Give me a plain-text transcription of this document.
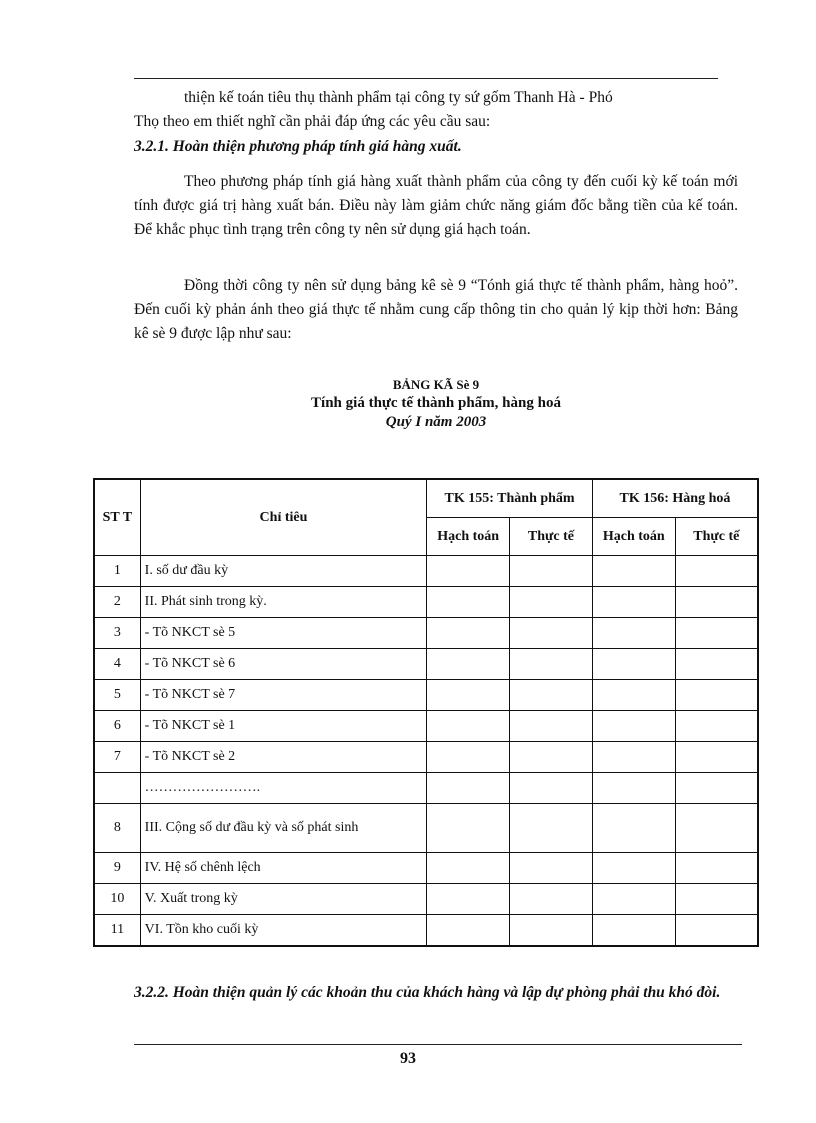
thiện kế toán tiêu thụ thành phẩm tại công ty sứ gốm Thanh Hà - Phó
Thọ theo em thiết nghĩ cần phải đáp ứng các yêu cầu sau:
3.2.1. Hoàn thiện phương pháp tính giá hàng xuất.
Theo phương pháp tính giá hàng xuất thành phẩm của công ty đến cuối kỳ kế toán mới tính được giá trị hàng xuất bán. Điều này làm giảm chức năng giám đốc bằng tiền của kế toán. Để khắc phục tình trạng trên công ty nên sử dụng giá hạch toán.
Đồng thời công ty nên sử dụng bảng kê sè 9 “Tónh giá thực tế thành phẩm, hàng hoỏ”. Đến cuối kỳ phản ánh theo giá thực tế nhằm cung cấp thông tin cho quản lý kịp thời hơn: Bảng kê sè 9 được lập như sau:
BẢNG KÃ Sè 9
Tính giá thực tế thành phẩm, hàng hoá
Quý I năm 2003
ST T	Chỉ tiêu	TK 155: Thành phẩm		TK 156: Hàng hoá	
		Hạch toán	Thực tế	Hạch toán	Thực tế
1	I. số dư đầu kỳ				
2	II. Phát sinh trong kỳ.				
3	- Tõ NKCT sè 5				
4	- Tõ NKCT sè 6				
5	- Tõ NKCT sè 7				
6	- Tõ NKCT sè 1				
7	- Tõ NKCT sè 2				
	…………………….				
8	III. Cộng số dư đầu kỳ và số phát sinh				
9	IV. Hệ số chênh lệch				
10	V. Xuất trong kỳ				
11	VI. Tồn kho cuối kỳ				
3.2.2. Hoàn thiện quản lý các khoản thu của khách hàng và lập dự phòng phải thu khó đòi.
93
